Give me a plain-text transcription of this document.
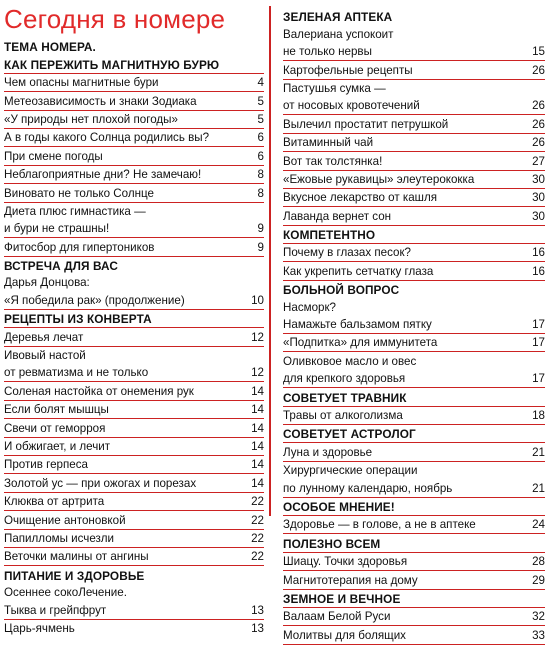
Сегодня в номере
ТЕМА НОМЕРА.
КАК ПЕРЕЖИТЬ МАГНИТНУЮ БУРЮ
Чем опасны магнитные бури	4
Метеозависимость и знаки Зодиака	5
«У природы нет плохой погоды»	5
А в годы какого Солнца родились вы?	6
При смене погоды	6
Неблагоприятные дни? Не замечаю!	8
Виновато не только Солнце	8
Диета плюс гимнастика —
и бури не страшны!	9
Фитосбор для гипертоников	9
ВСТРЕЧА ДЛЯ ВАС
Дарья Донцова:
«Я победила рак» (продолжение)	10
РЕЦЕПТЫ ИЗ КОНВЕРТА
Деревья лечат	12
Ивовый настой
от ревматизма и не только	12
Соленая настойка от онемения рук	14
Если болят мышцы	14
Свечи от геморроя	14
И обжигает, и лечит	14
Против герпеса	14
Золотой ус — при ожогах и порезах	14
Клюква от артрита	22
Очищение антоновкой	22
Папилломы исчезли	22
Веточки малины от ангины	22
ПИТАНИЕ И ЗДОРОВЬЕ
Осеннее сокоЛечение.
Тыква и грейпфрут	13
Царь-ячмень	13
ЗЕЛЕНАЯ АПТЕКА
Валериана успокоит
не только нервы	15
Картофельные рецепты	26
Пастушья сумка —
от носовых кровотечений	26
Вылечил простатит петрушкой	26
Витаминный чай	26
Вот так толстянка!	27
«Ежовые рукавицы» элеутерококка	30
Вкусное лекарство от кашля	30
Лаванда вернет сон	30
КОМПЕТЕНТНО
Почему в глазах песок?	16
Как укрепить сетчатку глаза	16
БОЛЬНОЙ ВОПРОС
Насморк?
Намажьте бальзамом пятку	17
«Подпитка» для иммунитета	17
Оливковое масло и овес
для крепкого здоровья	17
СОВЕТУЕТ ТРАВНИК
Травы от алкоголизма	18
СОВЕТУЕТ АСТРОЛОГ
Луна и здоровье	21
Хирургические операции
по лунному календарю, ноябрь	21
ОСОБОЕ МНЕНИЕ!
Здоровье — в голове, а не в аптеке	24
ПОЛЕЗНО ВСЕМ
Шиацу. Точки здоровья	28
Магнитотерапия на дому	29
ЗЕМНОЕ И ВЕЧНОЕ
Валаам Белой Руси	32
Молитвы для болящих	33
